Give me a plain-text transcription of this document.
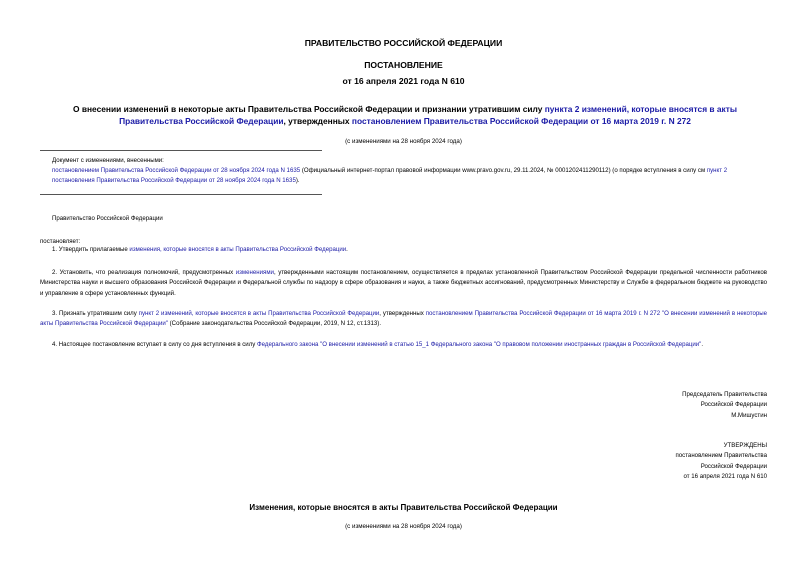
ПРАВИТЕЛЬСТВО РОССИЙСКОЙ ФЕДЕРАЦИИ
ПОСТАНОВЛЕНИЕ
от 16 апреля 2021 года N 610
О внесении изменений в некоторые акты Правительства Российской Федерации и признании утратившим силу пункта 2 изменений, которые вносятся в акты Правительства Российской Федерации, утвержденных постановлением Правительства Российской Федерации от 16 марта 2019 г. N 272
(с изменениями на 28 ноября 2024 года)
Документ с изменениями, внесенными:
постановлением Правительства Российской Федерации от 28 ноября 2024 года N 1635 (Официальный интернет-портал правовой информации www.pravo.gov.ru, 29.11.2024, № 0001202411290112) (о порядке вступления в силу см пункт 2 постановления Правительства Российской Федерации от 28 ноября 2024 года N 1635).
Правительство Российской Федерации
постановляет:
1. Утвердить прилагаемые изменения, которые вносятся в акты Правительства Российской Федерации.
2. Установить, что реализация полномочий, предусмотренных изменениями, утвержденными настоящим постановлением, осуществляется в пределах установленной Правительством Российской Федерации предельной численности работников Министерства науки и высшего образования Российской Федерации и Федеральной службы по надзору в сфере образования и науки, а также бюджетных ассигнований, предусмотренных Министерству и Службе в федеральном бюджете на руководство и управление в сфере установленных функций.
3. Признать утратившим силу пункт 2 изменений, которые вносятся в акты Правительства Российской Федерации, утвержденных постановлением Правительства Российской Федерации от 16 марта 2019 г. N 272 "О внесении изменений в некоторые акты Правительства Российской Федерации" (Собрание законодательства Российской Федерации, 2019, N 12, ст.1313).
4. Настоящее постановление вступает в силу со дня вступления в силу Федерального закона "О внесении изменений в статью 15_1 Федерального закона "О правовом положении иностранных граждан в Российской Федерации".
Председатель Правительства
Российской Федерации
М.Мишустин
УТВЕРЖДЕНЫ
постановлением Правительства
Российской Федерации
от 16 апреля 2021 года N 610
Изменения, которые вносятся в акты Правительства Российской Федерации
(с изменениями на 28 ноября 2024 года)
